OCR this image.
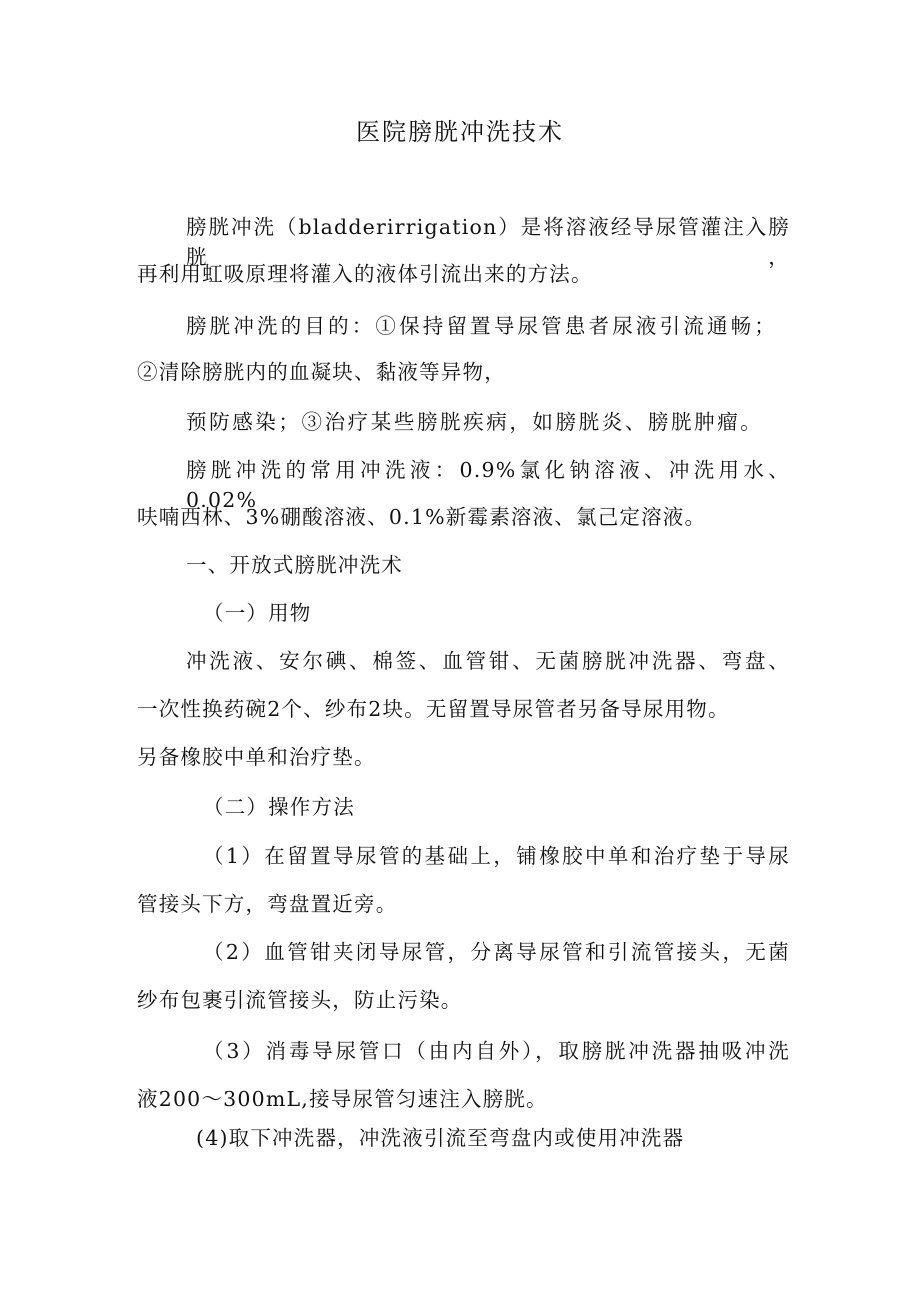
医院膀胱冲洗技术
膀胱冲洗（bladderirrigation）是将溶液经导尿管灌注入膀胱，
再利用虹吸原理将灌入的液体引流出来的方法。
膀胱冲洗的目的：①保持留置导尿管患者尿液引流通畅；
②清除膀胱内的血凝块、黏液等异物，
预防感染；③治疗某些膀胱疾病，如膀胱炎、膀胱肿瘤。
膀胱冲洗的常用冲洗液：0.9%氯化钠溶液、冲洗用水、0.02%
呋喃西林、3%硼酸溶液、0.1%新霉素溶液、氯己定溶液。
一、开放式膀胱冲洗术
（一）用物
冲洗液、安尔碘、棉签、血管钳、无菌膀胱冲洗器、弯盘、
一次性换药碗2个、纱布2块。无留置导尿管者另备导尿用物。
另备橡胶中单和治疗垫。
（二）操作方法
（1）在留置导尿管的基础上，铺橡胶中单和治疗垫于导尿
管接头下方，弯盘置近旁。
（2）血管钳夹闭导尿管，分离导尿管和引流管接头，无菌
纱布包裹引流管接头，防止污染。
（3）消毒导尿管口（由内自外），取膀胱冲洗器抽吸冲洗
液200～300mL,接导尿管匀速注入膀胱。
(4)取下冲洗器，冲洗液引流至弯盘内或使用冲洗器
